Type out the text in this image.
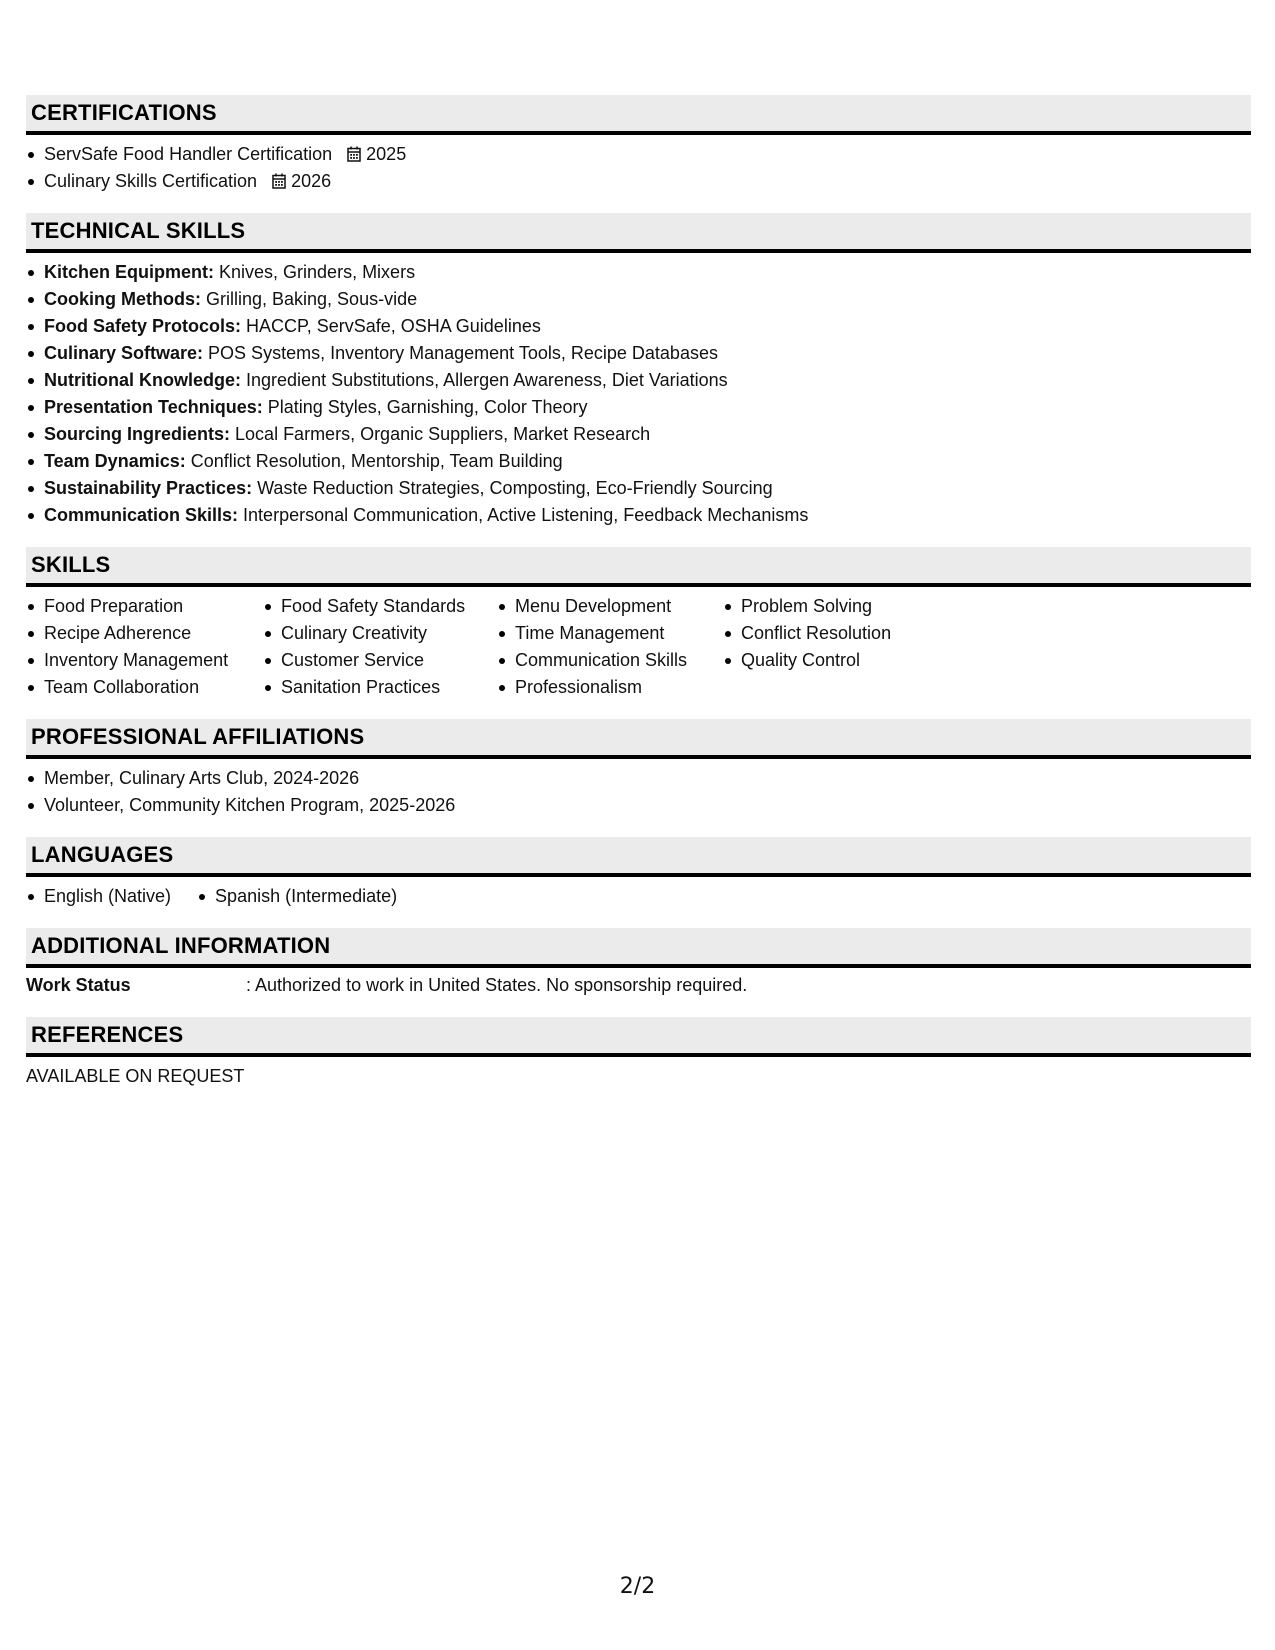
CERTIFICATIONS
ServSafe Food Handler Certification 2025
Culinary Skills Certification 2026
TECHNICAL SKILLS
Kitchen Equipment: Knives, Grinders, Mixers
Cooking Methods: Grilling, Baking, Sous-vide
Food Safety Protocols: HACCP, ServSafe, OSHA Guidelines
Culinary Software: POS Systems, Inventory Management Tools, Recipe Databases
Nutritional Knowledge: Ingredient Substitutions, Allergen Awareness, Diet Variations
Presentation Techniques: Plating Styles, Garnishing, Color Theory
Sourcing Ingredients: Local Farmers, Organic Suppliers, Market Research
Team Dynamics: Conflict Resolution, Mentorship, Team Building
Sustainability Practices: Waste Reduction Strategies, Composting, Eco-Friendly Sourcing
Communication Skills: Interpersonal Communication, Active Listening, Feedback Mechanisms
SKILLS
Food Preparation
Recipe Adherence
Inventory Management
Team Collaboration
Food Safety Standards
Culinary Creativity
Customer Service
Sanitation Practices
Menu Development
Time Management
Communication Skills
Professionalism
Problem Solving
Conflict Resolution
Quality Control
PROFESSIONAL AFFILIATIONS
Member, Culinary Arts Club, 2024-2026
Volunteer, Community Kitchen Program, 2025-2026
LANGUAGES
English (Native)	Spanish (Intermediate)
ADDITIONAL INFORMATION
Work Status	: Authorized to work in United States. No sponsorship required.
REFERENCES
AVAILABLE ON REQUEST
2/2
